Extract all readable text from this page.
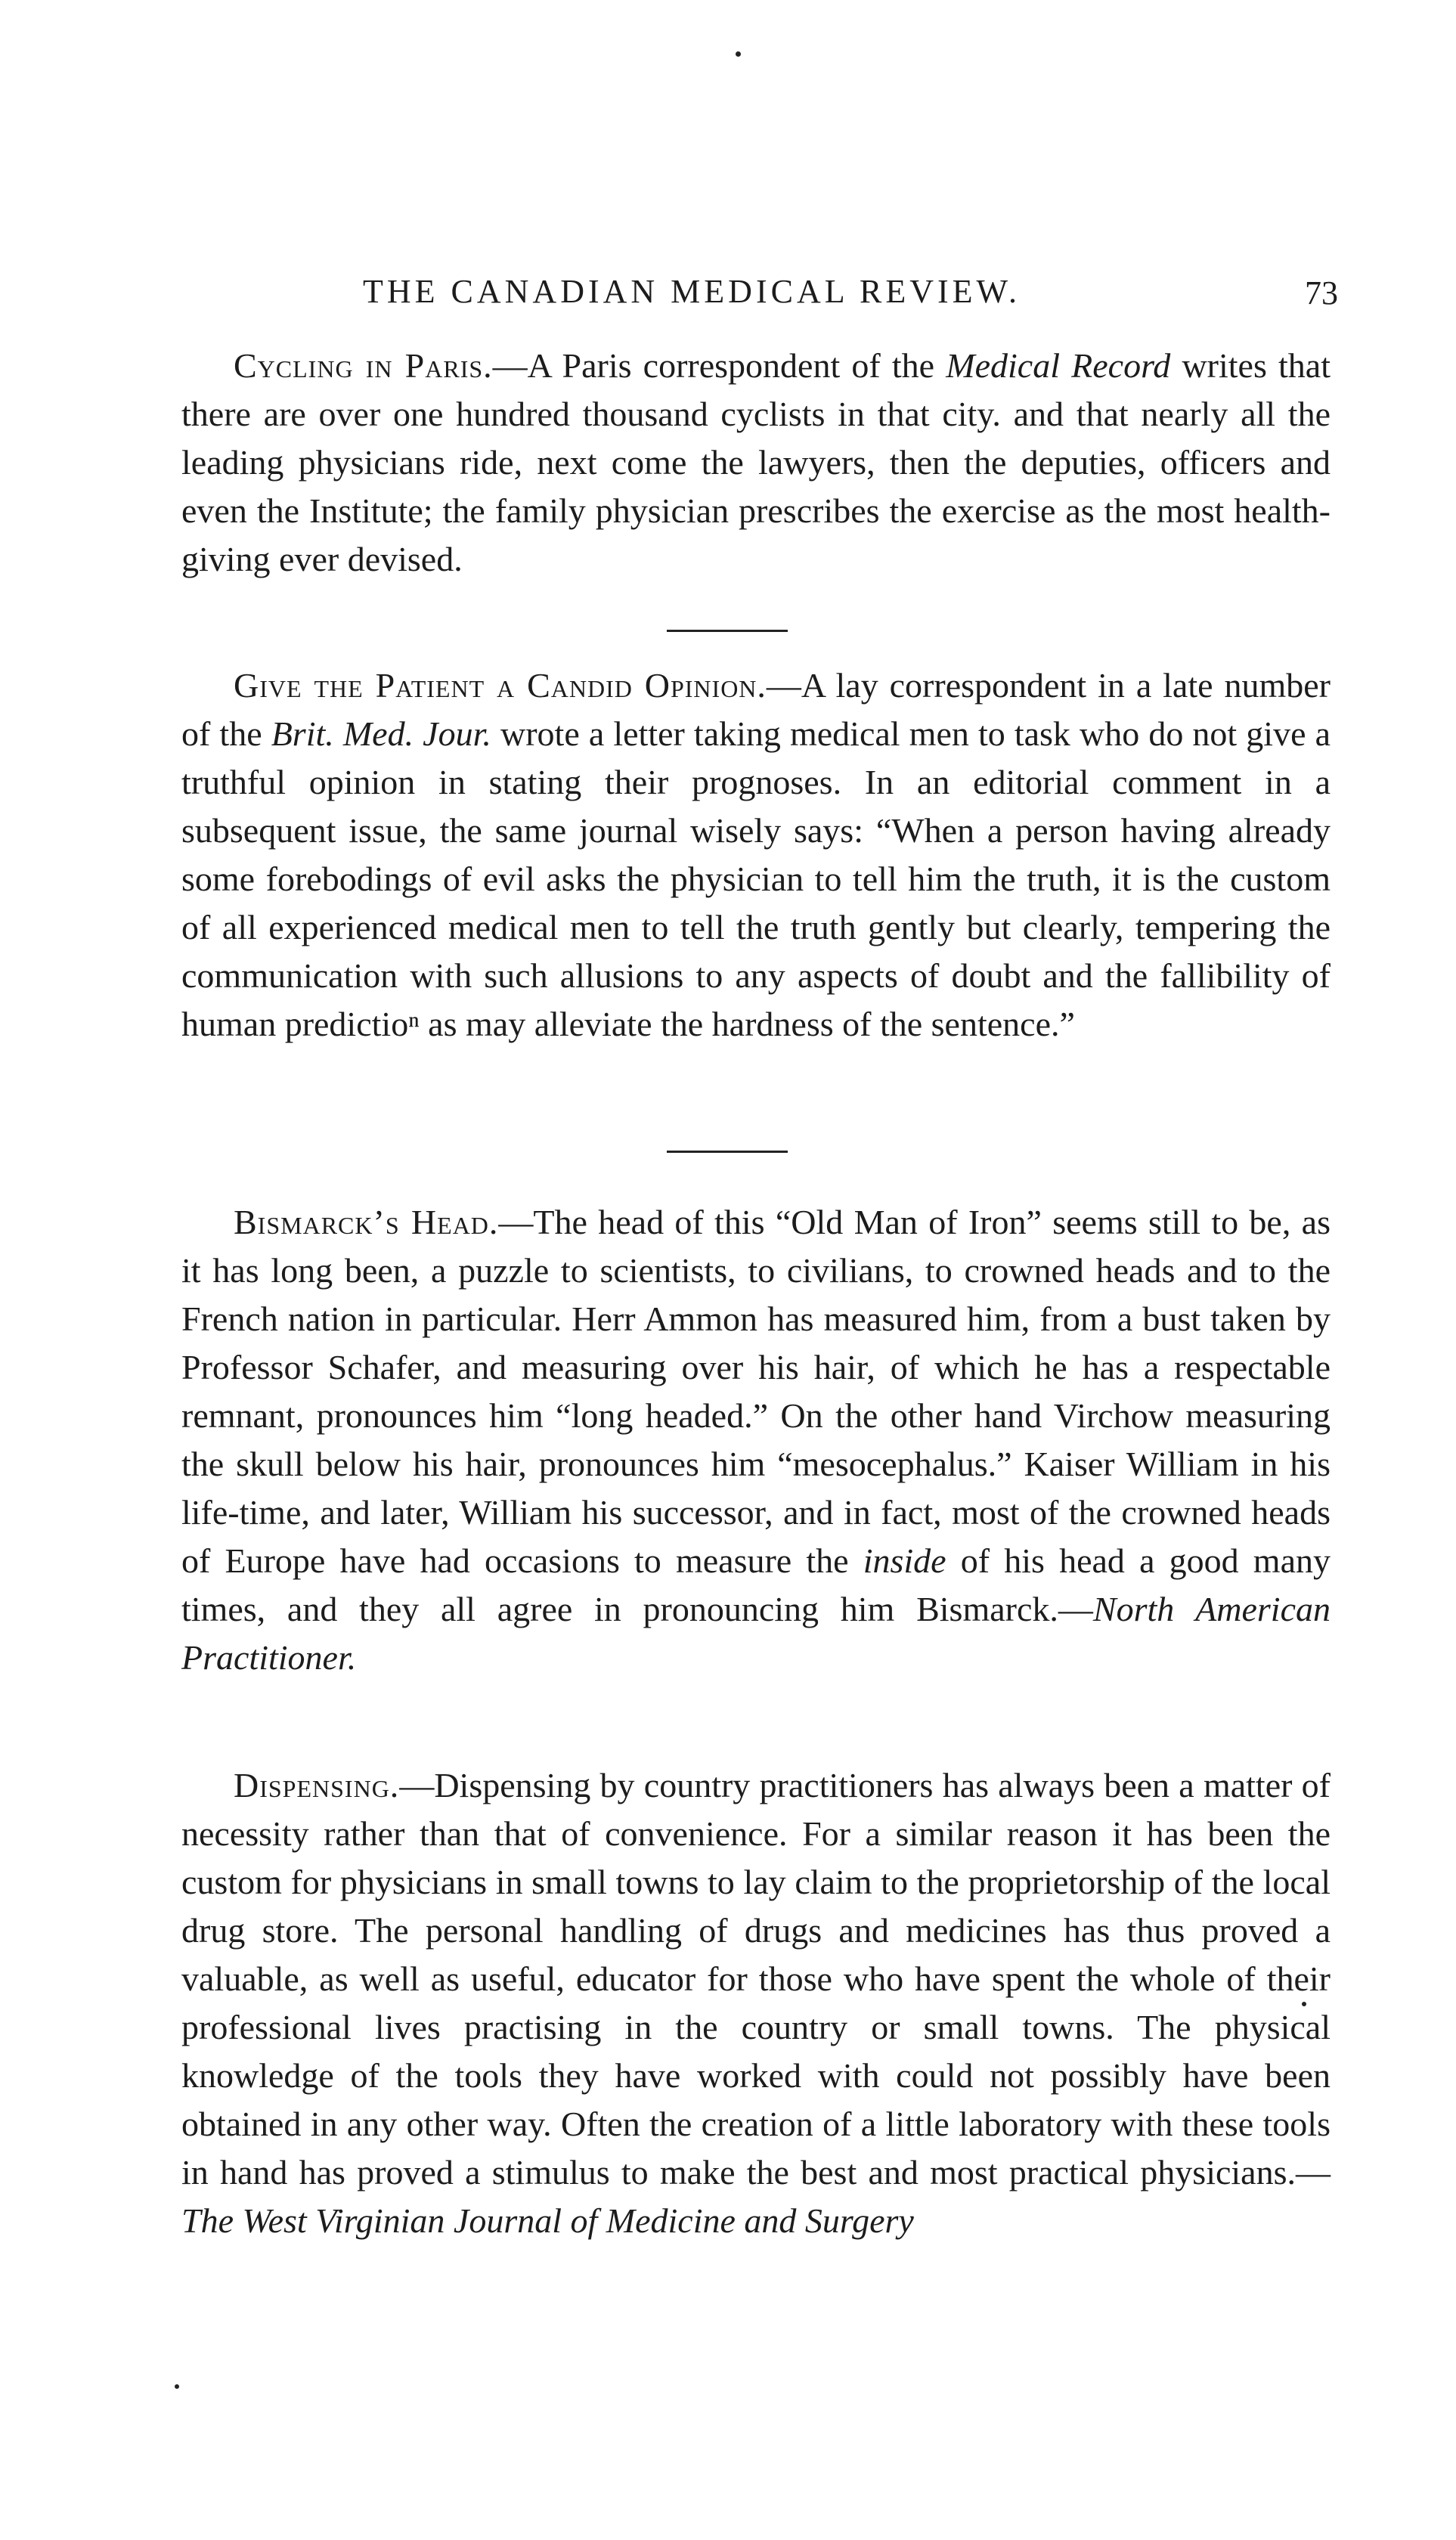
THE CANADIAN MEDICAL REVIEW.	73

Cycling in Paris.—A Paris correspondent of the Medical Record writes that there are over one hundred thousand cyclists in that city. and that nearly all the leading physicians ride, next come the lawyers, then the deputies, officers and even the Institute; the family physician prescribes the exercise as the most health-giving ever devised.

Give the Patient a Candid Opinion.—A lay correspondent in a late number of the Brit. Med. Jour. wrote a letter taking medical men to task who do not give a truthful opinion in stating their prognoses. In an editorial comment in a subsequent issue, the same journal wisely says: “When a person having already some forebodings of evil asks the physician to tell him the truth, it is the custom of all experienced medical men to tell the truth gently but clearly, tempering the communication with such allusions to any aspects of doubt and the fallibility of human predictioⁿ as may alleviate the hardness of the sentence.”

Bismarck’s Head.—The head of this “Old Man of Iron” seems still to be, as it has long been, a puzzle to scientists, to civilians, to crowned heads and to the French nation in particular. Herr Ammon has measured him, from a bust taken by Professor Schafer, and measuring over his hair, of which he has a respectable remnant, pronounces him “long headed.” On the other hand Virchow measuring the skull below his hair, pronounces him “mesocephalus.” Kaiser William in his life-time, and later, William his successor, and in fact, most of the crowned heads of Europe have had occasions to measure the inside of his head a good many times, and they all agree in pronouncing him Bismarck.—North American Practitioner.

Dispensing.—Dispensing by country practitioners has always been a matter of necessity rather than that of convenience. For a similar reason it has been the custom for physicians in small towns to lay claim to the proprietorship of the local drug store. The personal handling of drugs and medicines has thus proved a valuable, as well as useful, educator for those who have spent the whole of their professional lives practising in the country or small towns. The physical knowledge of the tools they have worked with could not possibly have been obtained in any other way. Often the creation of a little laboratory with these tools in hand has proved a stimulus to make the best and most practical physicians.—The West Virginian Journal of Medicine and Surgery
